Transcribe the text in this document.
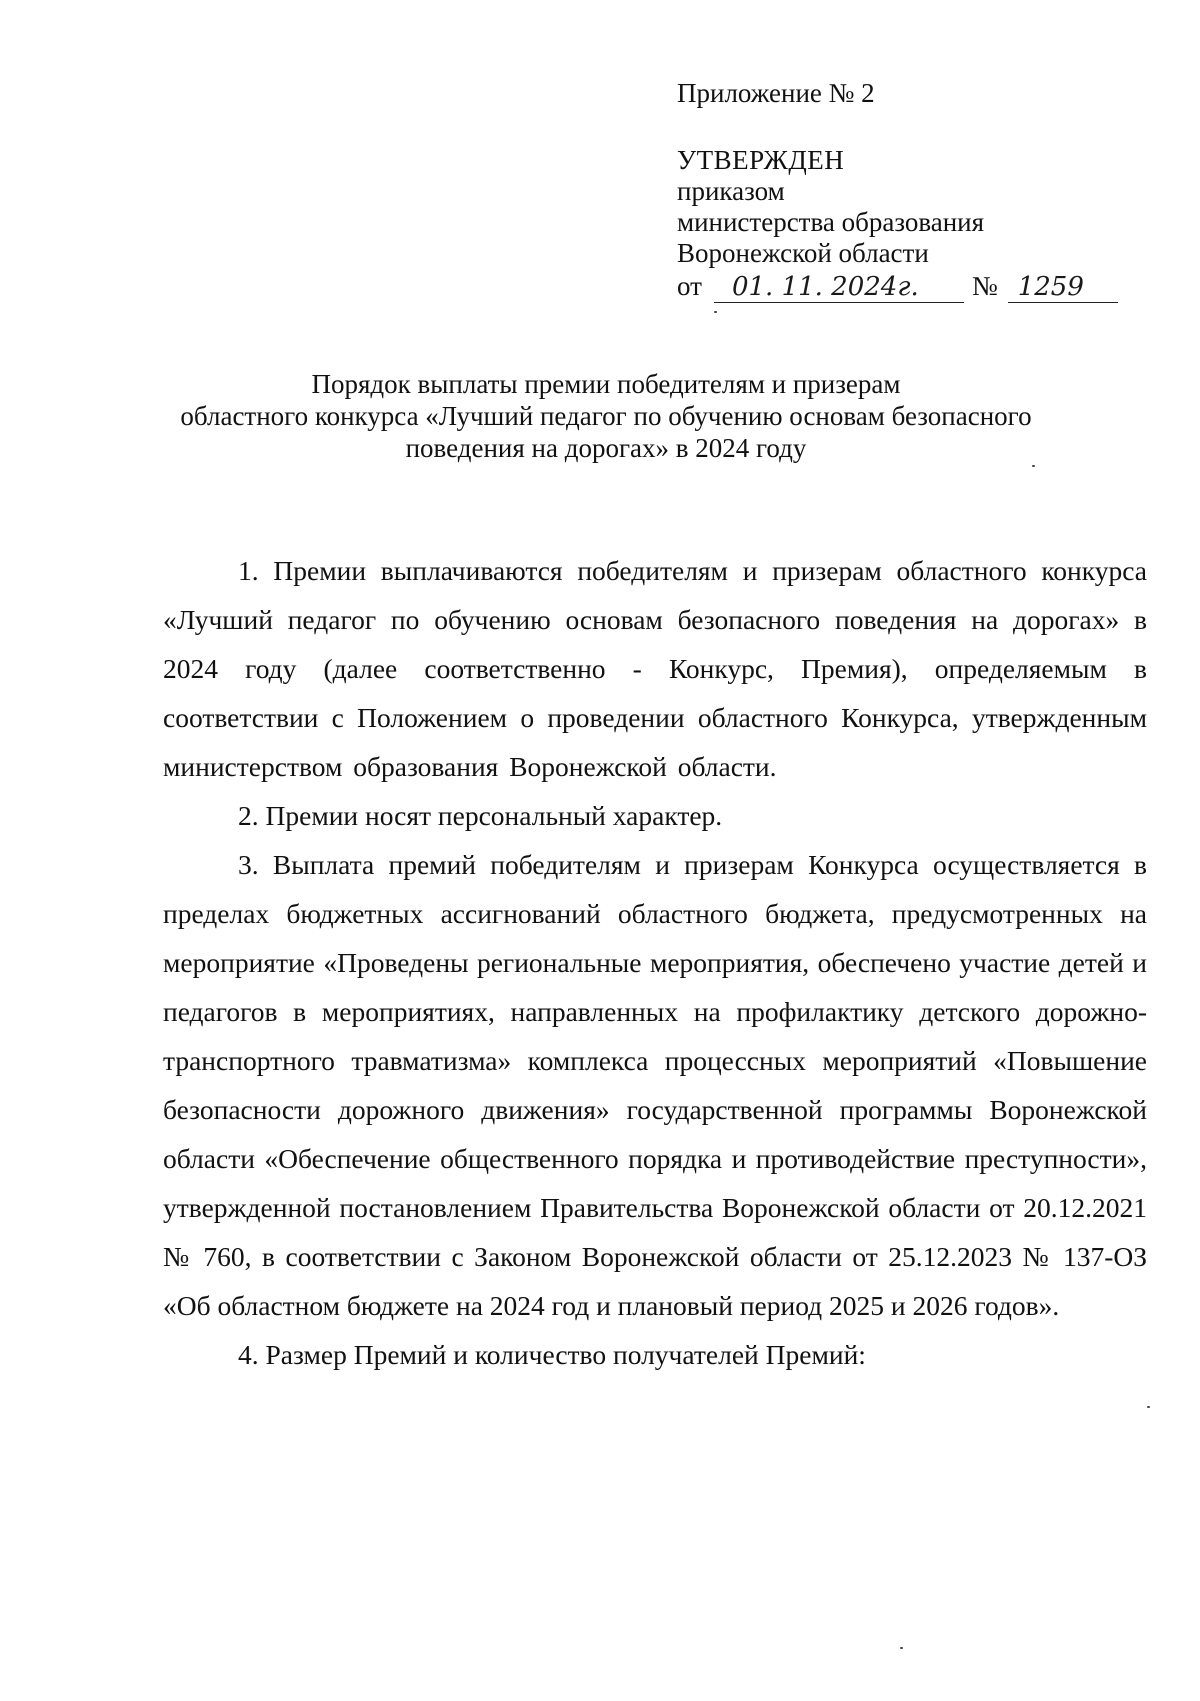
Приложение № 2
УТВЕРЖДЕН
приказом
министерства образования
Воронежской области
от	01. 11. 2024г.	№ 1259
Порядок выплаты премии победителям и призерам
областного конкурса «Лучший педагог по обучению основам безопасного
поведения на дорогах» в 2024 году

1. Премии выплачиваются победителям и призерам областного конкурса «Лучший педагог по обучению основам безопасного поведения на дорогах» в 2024 году (далее соответственно - Конкурс, Премия), определяемым в соответствии с Положением о проведении областного Конкурса, утвержденным министерством образования Воронежской области.

2. Премии носят персональный характер.

3. Выплата премий победителям и призерам Конкурса осуществляется в пределах бюджетных ассигнований областного бюджета, предусмотренных на мероприятие «Проведены региональные мероприятия, обеспечено участие детей и педагогов в мероприятиях, направленных на профилактику детского дорожно-транспортного травматизма» комплекса процессных мероприятий «Повышение безопасности дорожного движения» государственной программы Воронежской области «Обеспечение общественного порядка и противодействие преступности», утвержденной постановлением Правительства Воронежской области от 20.12.2021 № 760, в соответствии с Законом Воронежской области от 25.12.2023 № 137-ОЗ «Об областном бюджете на 2024 год и плановый период 2025 и 2026 годов».

4. Размер Премий и количество получателей Премий:
